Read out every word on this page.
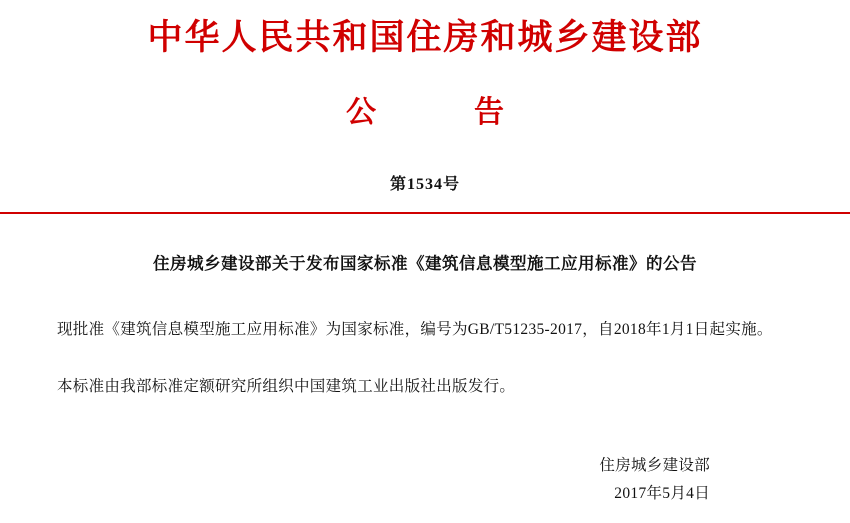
中华人民共和国住房和城乡建设部
公　告
第1534号
住房城乡建设部关于发布国家标准《建筑信息模型施工应用标准》的公告
现批准《建筑信息模型施工应用标准》为国家标准，编号为GB/T51235-2017，自2018年1月1日起实施。
本标准由我部标准定额研究所组织中国建筑工业出版社出版发行。
住房城乡建设部
2017年5月4日
